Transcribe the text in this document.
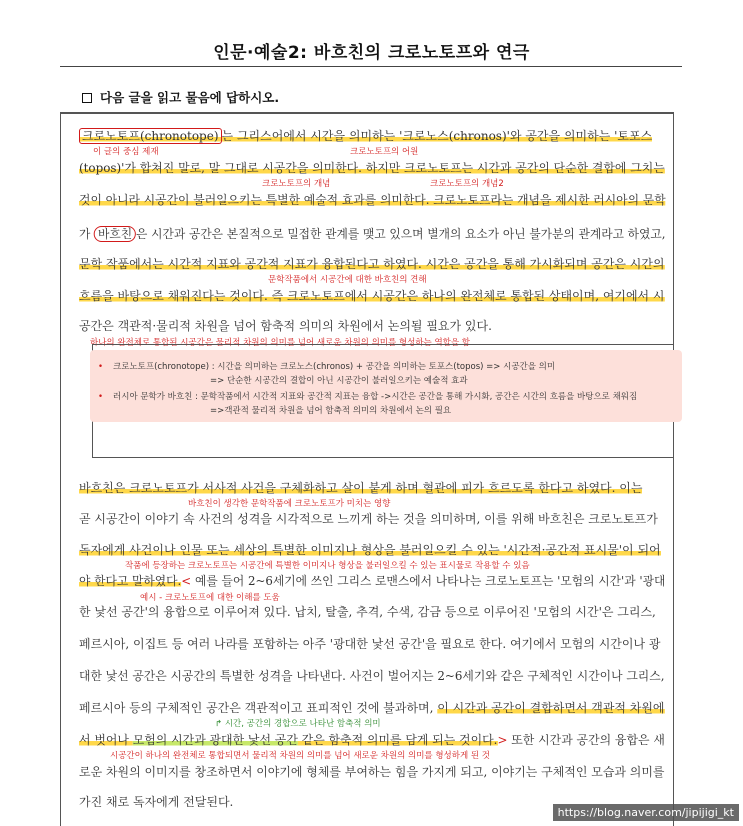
인문·예술2: 바흐친의 크로노토프와 연극
다음 글을 읽고 물음에 답하시오.
크로노토프(chronotope) 는 그리스어에서 시간을 의미하는 '크로노스(chronos)'와 공간을 의미하는 '토포스
이 글의 중심 제재	크로노토프의 어원
(topos)'가 합쳐진 말로, 말 그대로 시공간을 의미한다. 하지만 크로노토프는 시간과 공간의 단순한 결합에 그치는
크로노토프의 개념	크로노토프의 개념2
것이 아니라 시공간이 불러일으키는 특별한 예술적 효과를 의미한다. 크로노토프라는 개념을 제시한 러시아의 문학
가 바흐친 은 시간과 공간은 본질적으로 밀접한 관계를 맺고 있으며 별개의 요소가 아닌 불가분의 관계라고 하였고,
문학 작품에서는 시간적 지표와 공간적 지표가 융합된다고 하였다. 시간은 공간을 통해 가시화되며 공간은 시간의
문학작품에서 시공간에 대한 바흐친의 견해
흐름을 바탕으로 채워진다는 것이다. 즉 크로노토프에서 시공간은 하나의 완전체로 통합된 상태이며, 여기에서 시
공간은 객관적·물리적 차원을 넘어 함축적 의미의 차원에서 논의될 필요가 있다.
하나의 완전체로 통합된 시공간은 물리적 차원의 의미를 넘어 새로운 차원의 의미를 형성하는 역할을 함
• 크로노토프(chronotope) : 시간을 의미하는 크로노스(chronos) + 공간을 의미하는 토포스(topos) => 시공간을 의미
=> 단순한 시공간의 결합이 아닌 시공간이 불러일으키는 예술적 효과
• 러시아 문학가 바흐친 : 문학작품에서 시간적 지표와 공간적 지표는 융합 ->시간은 공간을 통해 가시화, 공간은 시간의 흐름을 바탕으로 채워짐
=>객관적 물리적 차원을 넘어 함축적 의미의 차원에서 논의 필요
바흐친은 크로노토프가 서사적 사건을 구체화하고 살이 붙게 하며 혈관에 피가 흐르도록 한다고 하였다. 이는
바흐친이 생각한 문학작품에 크로노토프가 미치는 영향
곧 시공간이 이야기 속 사건의 성격을 시각적으로 느끼게 하는 것을 의미하며, 이를 위해 바흐친은 크로노토프가
독자에게 사건이나 인물 또는 세상의 특별한 이미지나 형상을 불러일으킬 수 있는 '시간적·공간적 표시물'이 되어
작품에 등장하는 크로노토프는 시공간에 특별한 이미지나 형상을 불러일으킬 수 있는 표시물로 작용할 수 있음
야 한다고 말하였다.< 예를 들어 2~6세기에 쓰인 그리스 로맨스에서 나타나는 크로노토프는 '모험의 시간'과 '광대
예시 - 크로노토프에 대한 이해를 도움
한 낯선 공간'의 융합으로 이루어져 있다. 납치, 탈출, 추격, 수색, 감금 등으로 이루어진 '모험의 시간'은 그리스,
페르시아, 이집트 등 여러 나라를 포함하는 아주 '광대한 낯선 공간'을 필요로 한다. 여기에서 모험의 시간이나 광
대한 낯선 공간은 시공간의 특별한 성격을 나타낸다. 사건이 벌어지는 2~6세기와 같은 구체적인 시간이나 그리스,
페르시아 등의 구체적인 공간은 객관적이고 표피적인 것에 불과하며, 이 시간과 공간이 결합하면서 객관적 차원에
↱ 시간, 공간의 경합으로 나타난 함축적 의미
서 벗어나 모험의 시간과 광대한 낯선 공간 같은 함축적 의미를 담게 되는 것이다.> 또한 시간과 공간의 융합은 새
시공간이 하나의 완전체로 통합되면서 물리적 차원의 의미를 넘어 새로운 차원의 의미를 형성하게 된 것
로운 차원의 이미지를 창조하면서 이야기에 형체를 부여하는 힘을 가지게 되고, 이야기는 구체적인 모습과 의미를
가진 채로 독자에게 전달된다.
https://blog.naver.com/jipijigi_kt
